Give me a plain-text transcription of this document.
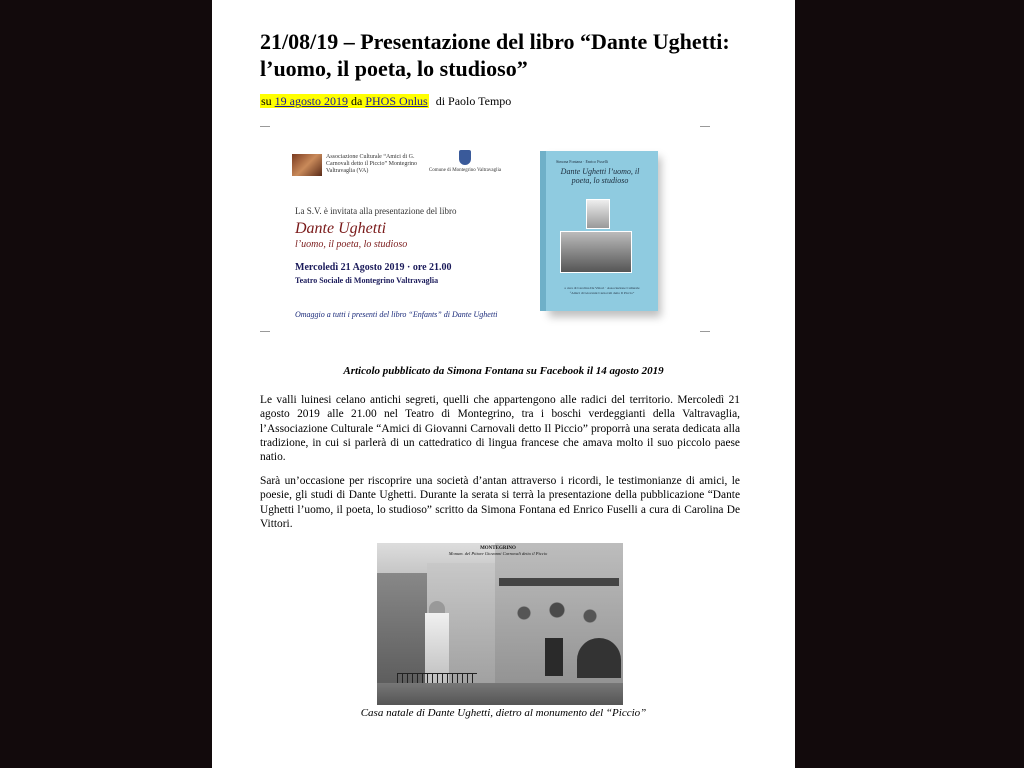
21/08/19 – Presentazione del libro “Dante Ughetti: l’uomo, il poeta, lo studioso”
su 19 agosto 2019 da PHOS Onlus di Paolo Tempo
Associazione Culturale “Amici di G. Carnovali detto il Piccio” Montegrino Valtravaglia (VA)	Comune di Montegrino Valtravaglia
La S.V. è invitata alla presentazione del libro
Dante Ughetti
l’uomo, il poeta, lo studioso
Mercoledì 21 Agosto 2019 · ore 21.00
Teatro Sociale di Montegrino Valtravaglia
Omaggio a tutti i presenti del libro “Enfants” di Dante Ughetti
Simona Fontana · Enrico Fuselli
Dante Ughetti l’uomo, il poeta, lo studioso
a cura di Carolina De Vittori · Associazione Culturale “Amici di Giovanni Carnovali detto Il Piccio”
Articolo pubblicato da Simona Fontana su Facebook il 14 agosto 2019

Le valli luinesi celano antichi segreti, quelli che appartengono alle radici del territorio. Mercoledì 21 agosto 2019 alle 21.00 nel Teatro di Montegrino, tra i boschi verdeggianti della Valtravaglia, l’Associazione Culturale “Amici di Giovanni Carnovali detto Il Piccio” proporrà una serata dedicata alla tradizione, in cui si parlerà di un cattedratico di lingua francese che amava molto il suo piccolo paese natio.

Sarà un’occasione per riscoprire una società d’antan attraverso i ricordi, le testimonianze di amici, le poesie, gli studi di Dante Ughetti. Durante la serata si terrà la presentazione della pubblicazione “Dante Ughetti l’uomo, il poeta, lo studioso” scritto da Simona Fontana ed Enrico Fuselli a cura di Carolina De Vittori.

MONTEGRINO
Monum. del Pittore Giovanni Carnovali detto il Piccio
Casa natale di Dante Ughetti, dietro al monumento del “Piccio”
